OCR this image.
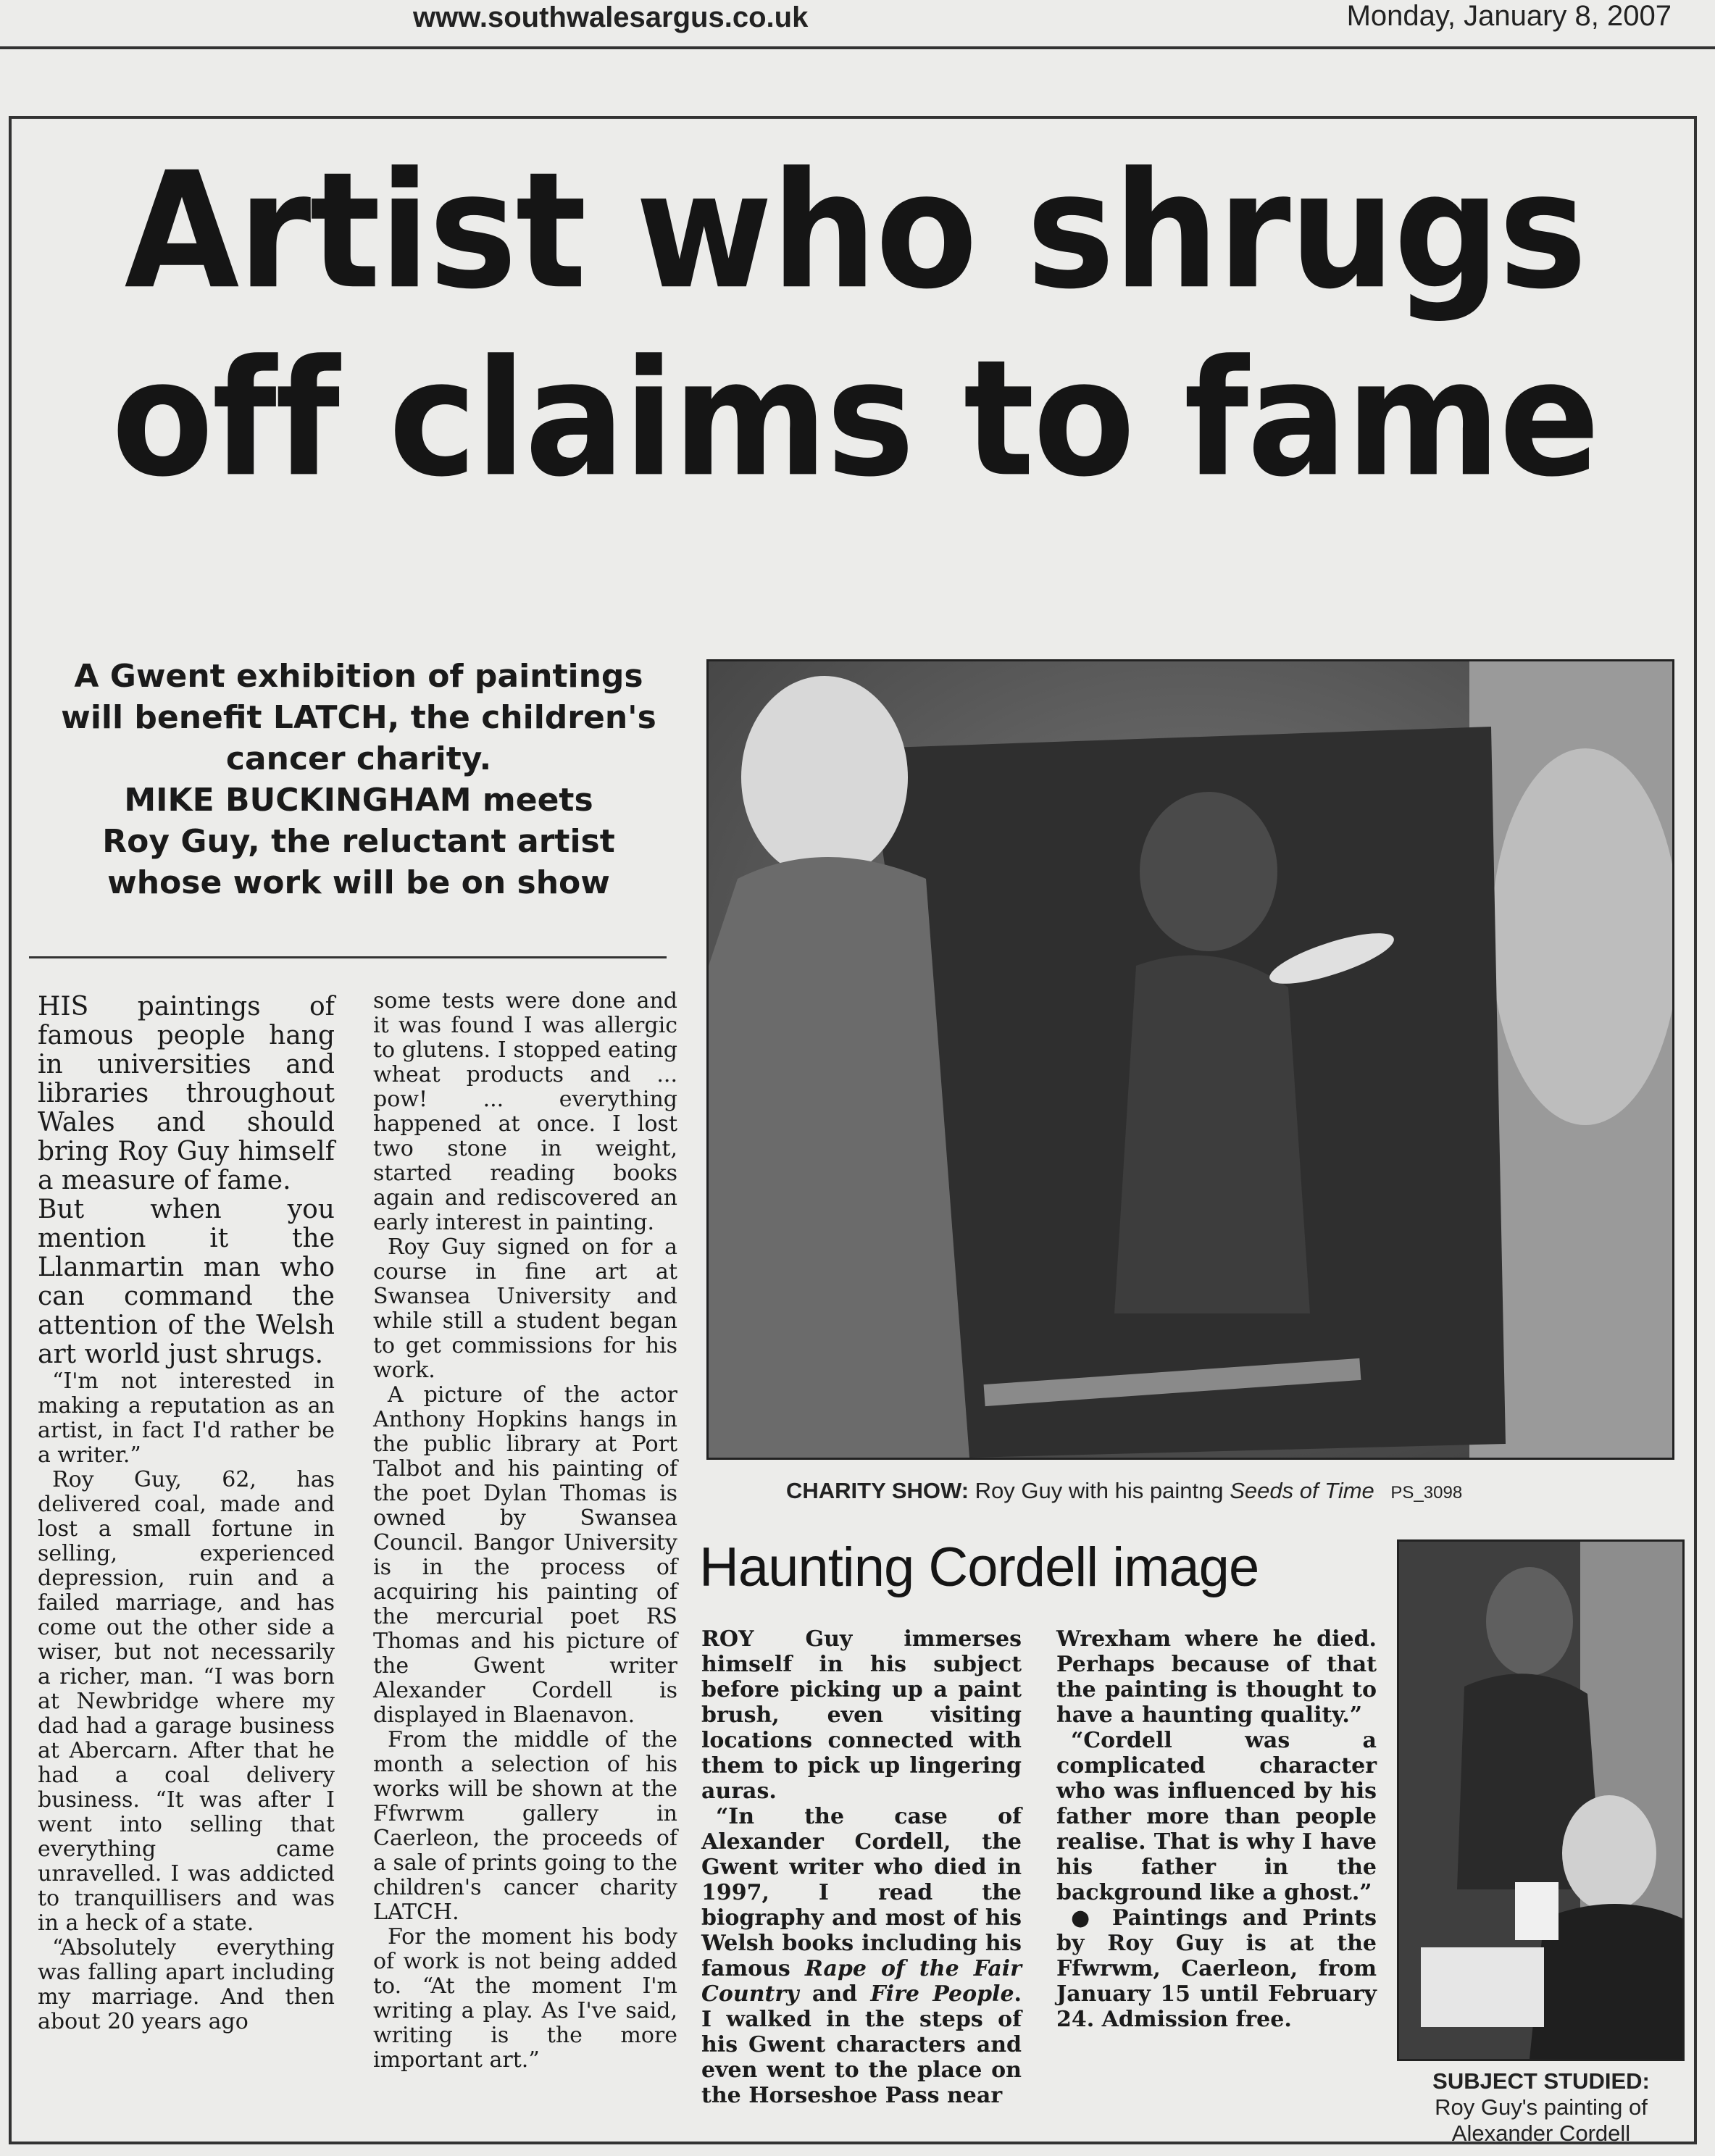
www.southwalesargus.co.uk	Monday, January 8, 2007
Artist who shrugs off claims to fame

A Gwent exhibition of paintings

will benefit LATCH, the children's

cancer charity.

MIKE BUCKINGHAM meets

Roy Guy, the reluctant artist

whose work will be on show

HIS paintings of famous people hang in universities and libraries throughout Wales and should bring Roy Guy himself a measure of fame.

But when you mention it the Llanmartin man who can command the attention of the Welsh art world just shrugs.

“I'm not interested in making a reputation as an artist, in fact I'd rather be a writer.”

Roy Guy, 62, has delivered coal, made and lost a small fortune in selling, experienced depression, ruin and a failed marriage, and has come out the other side a wiser, but not necessarily a richer, man. “I was born at Newbridge where my dad had a garage business at Abercarn. After that he had a coal delivery business. “It was after I went into selling that everything came unravelled. I was addicted to tranquillisers and was in a heck of a state.

“Absolutely everything was falling apart including my marriage. And then about 20 years ago

some tests were done and it was found I was allergic to glutens. I stopped eating wheat products and ... pow! ... everything happened at once. I lost two stone in weight, started reading books again and rediscovered an early interest in painting.

Roy Guy signed on for a course in fine art at Swansea University and while still a student began to get commissions for his work.

A picture of the actor Anthony Hopkins hangs in the public library at Port Talbot and his painting of the poet Dylan Thomas is owned by Swansea Council. Bangor University is in the process of acquiring his painting of the mercurial poet RS Thomas and his picture of the Gwent writer Alexander Cordell is displayed in Blaenavon.

From the middle of the month a selection of his works will be shown at the Ffwrwm gallery in Caerleon, the proceeds of a sale of prints going to the children's cancer charity LATCH.

For the moment his body of work is not being added to. “At the moment I'm writing a play. As I've said, writing is the more important art.”

CHARITY SHOW: Roy Guy with his paintng Seeds of Time PS_3098
Haunting Cordell image

ROY Guy immerses himself in his subject before picking up a paint brush, even visiting locations connected with them to pick up lingering auras.

“In the case of Alexander Cordell, the Gwent writer who died in 1997, I read the biography and most of his Welsh books including his famous Rape of the Fair Country and Fire People. I walked in the steps of his Gwent characters and even went to the place on the Horseshoe Pass near

Wrexham where he died. Perhaps because of that the painting is thought to have a haunting quality.”

“Cordell was a complicated character who was influenced by his father more than people realise. That is why I have his father in the background like a ghost.”

● Paintings and Prints by Roy Guy is at the Ffwrwm, Caerleon, from January 15 until February 24. Admission free.

SUBJECT STUDIED:
Roy Guy's painting of
Alexander Cordell
